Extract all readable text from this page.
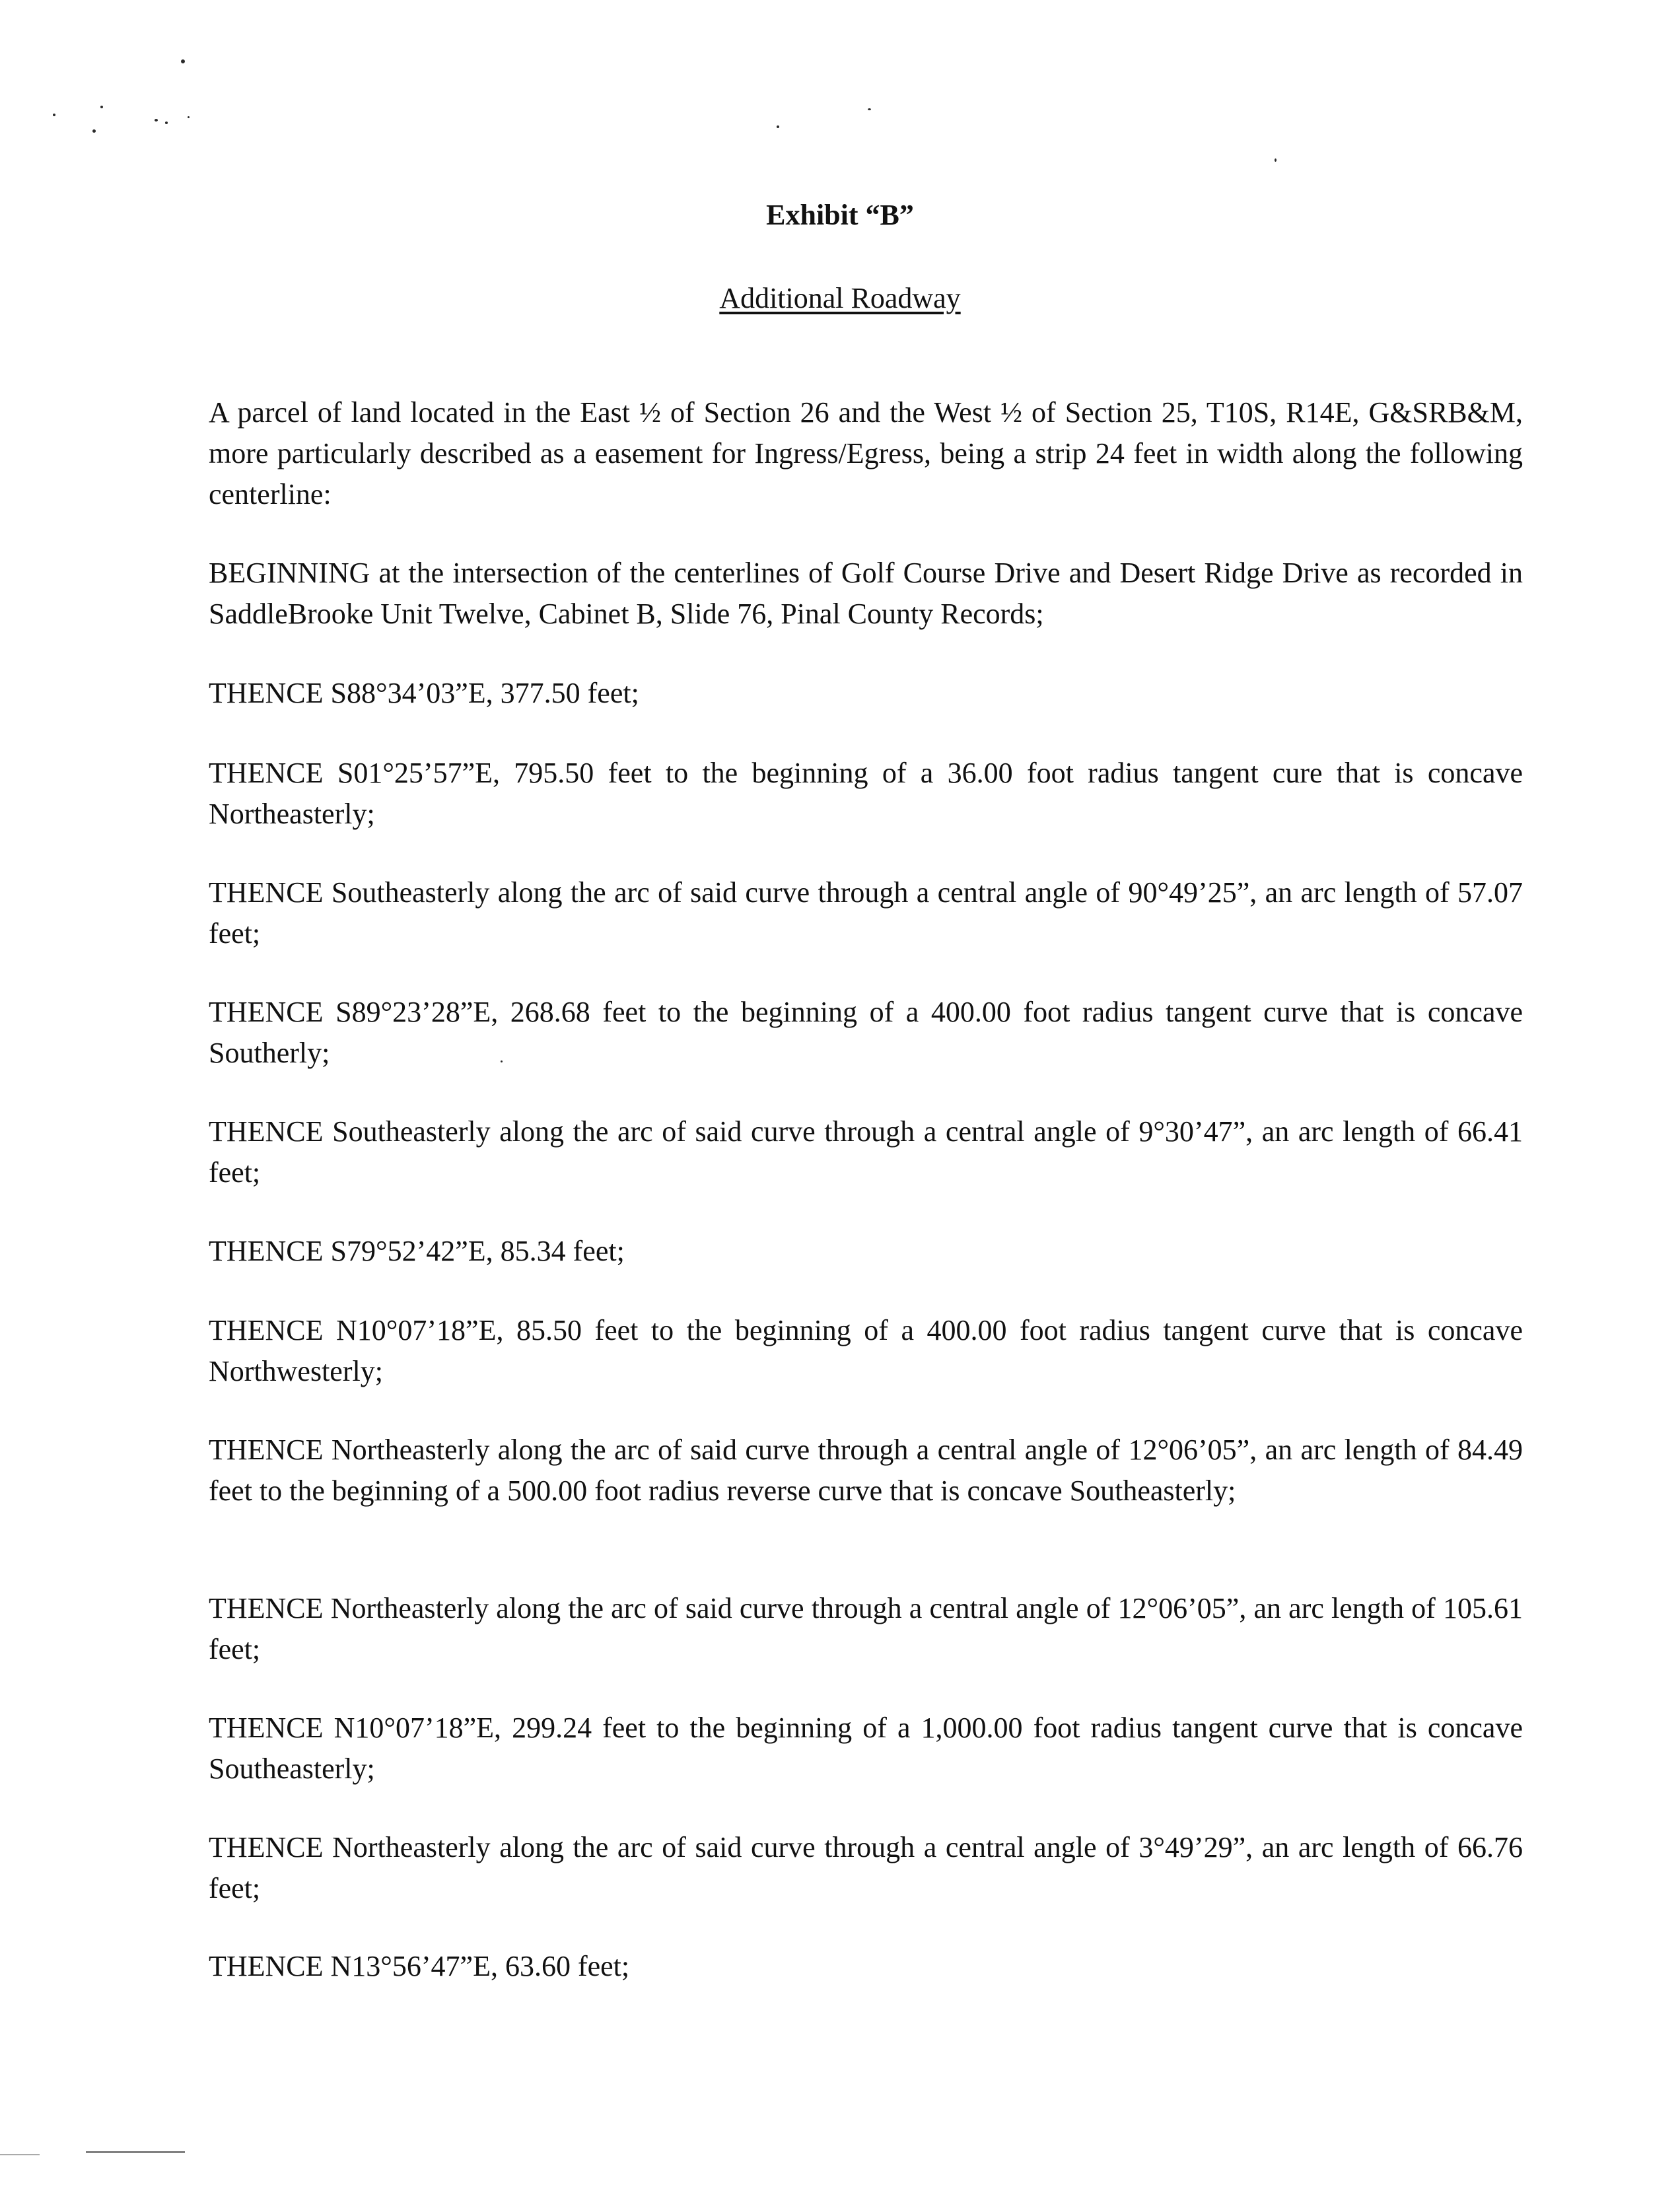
Exhibit “B”
Additional Roadway

A parcel of land located in the East ½ of Section 26 and the West ½ of Section 25, T10S, R14E, G&SRB&M, more particularly described as a easement for Ingress/Egress, being a strip 24 feet in width along the following centerline:

BEGINNING at the intersection of the centerlines of Golf Course Drive and Desert Ridge Drive as recorded in SaddleBrooke Unit Twelve, Cabinet B, Slide 76, Pinal County Records;

THENCE S88°34’03”E, 377.50 feet;

THENCE S01°25’57”E, 795.50 feet to the beginning of a 36.00 foot radius tangent cure that is concave Northeasterly;

THENCE Southeasterly along the arc of said curve through a central angle of 90°49’25”, an arc length of 57.07 feet;

THENCE S89°23’28”E, 268.68 feet to the beginning of a 400.00 foot radius tangent curve that is concave Southerly;

THENCE Southeasterly along the arc of said curve through a central angle of 9°30’47”, an arc length of 66.41 feet;

THENCE S79°52’42”E, 85.34 feet;

THENCE N10°07’18”E, 85.50 feet to the beginning of a 400.00 foot radius tangent curve that is concave Northwesterly;

THENCE Northeasterly along the arc of said curve through a central angle of 12°06’05”, an arc length of 84.49 feet to the beginning of a 500.00 foot radius reverse curve that is concave Southeasterly;

THENCE Northeasterly along the arc of said curve through a central angle of 12°06’05”, an arc length of 105.61 feet;

THENCE N10°07’18”E, 299.24 feet to the beginning of a 1,000.00 foot radius tangent curve that is concave Southeasterly;

THENCE Northeasterly along the arc of said curve through a central angle of 3°49’29”, an arc length of 66.76 feet;

THENCE N13°56’47”E, 63.60 feet;
